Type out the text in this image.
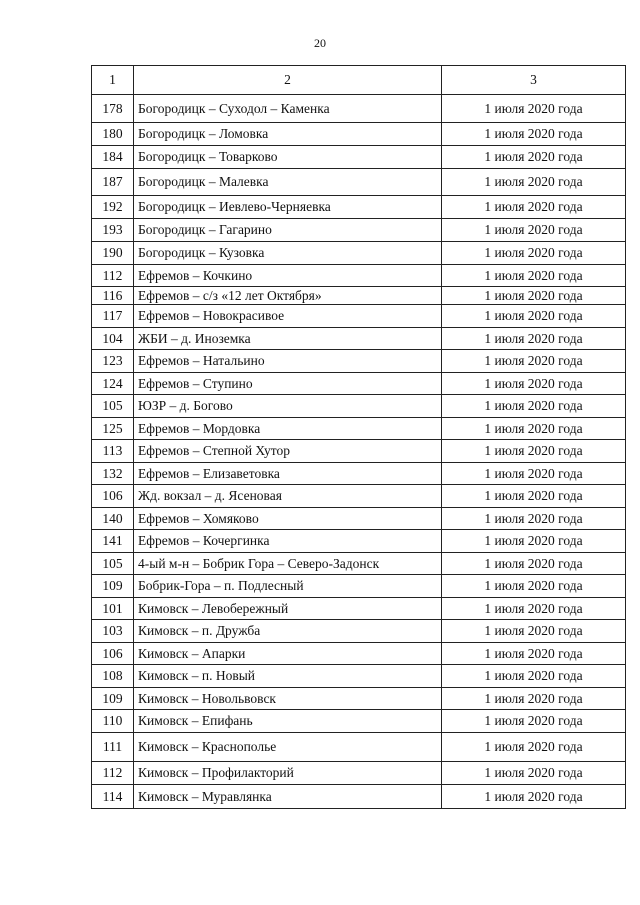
20
1	2	3
178	Богородицк – Суходол – Каменка	1 июля 2020 года
180	Богородицк – Ломовка	1 июля 2020 года
184	Богородицк – Товарково	1 июля 2020 года
187	Богородицк – Малевка	1 июля 2020 года
192	Богородицк – Иевлево-Черняевка	1 июля 2020 года
193	Богородицк – Гагарино	1 июля 2020 года
190	Богородицк – Кузовка	1 июля 2020 года
112	Ефремов – Кочкино	1 июля 2020 года
116	Ефремов – с/з «12 лет Октября»	1 июля 2020 года
117	Ефремов – Новокрасивое	1 июля 2020 года
104	ЖБИ – д. Иноземка	1 июля 2020 года
123	Ефремов – Натальино	1 июля 2020 года
124	Ефремов – Ступино	1 июля 2020 года
105	ЮЗР – д. Богово	1 июля 2020 года
125	Ефремов – Мордовка	1 июля 2020 года
113	Ефремов – Степной Хутор	1 июля 2020 года
132	Ефремов – Елизаветовка	1 июля 2020 года
106	Жд. вокзал – д. Ясеновая	1 июля 2020 года
140	Ефремов – Хомяково	1 июля 2020 года
141	Ефремов – Кочергинка	1 июля 2020 года
105	4-ый м-н – Бобрик Гора – Северо-Задонск	1 июля 2020 года
109	Бобрик-Гора – п. Подлесный	1 июля 2020 года
101	Кимовск – Левобережный	1 июля 2020 года
103	Кимовск – п. Дружба	1 июля 2020 года
106	Кимовск – Апарки	1 июля 2020 года
108	Кимовск – п. Новый	1 июля 2020 года
109	Кимовск – Новольвовск	1 июля 2020 года
110	Кимовск – Епифань	1 июля 2020 года
111	Кимовск – Краснополье	1 июля 2020 года
112	Кимовск – Профилакторий	1 июля 2020 года
114	Кимовск – Муравлянка	1 июля 2020 года
